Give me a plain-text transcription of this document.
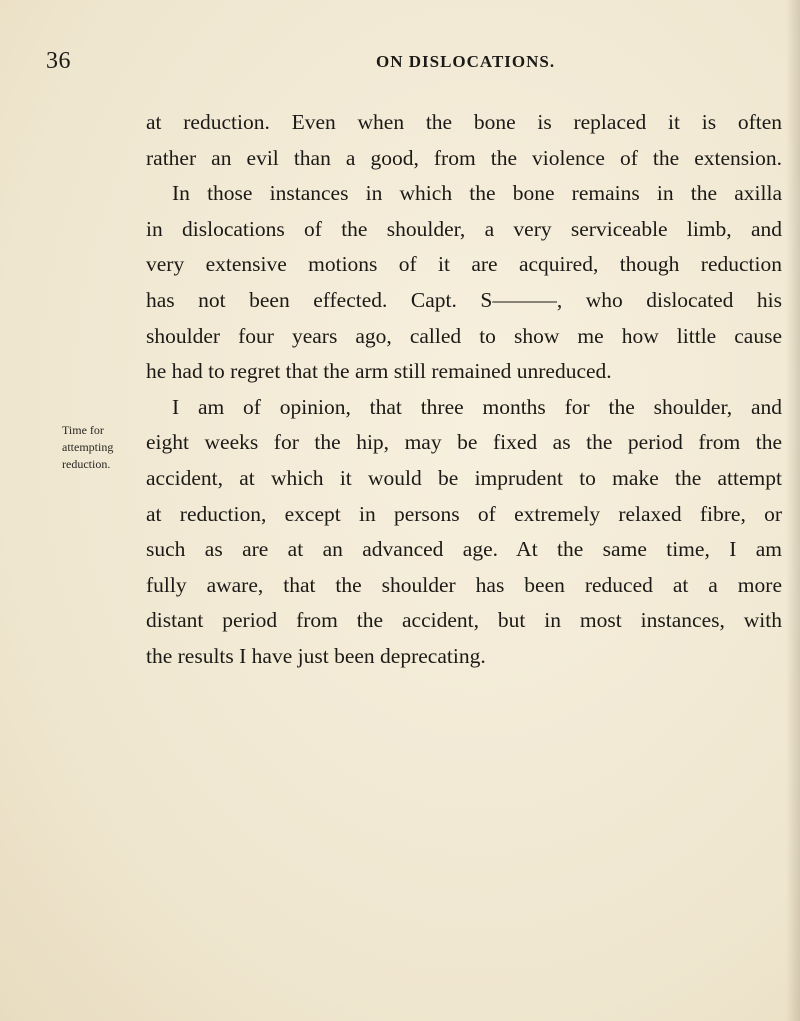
36	ON DISLOCATIONS.
Time for
attempting
reduction.
at reduction. Even when the bone is replaced it is often
rather an evil than a good, from the violence of the extension.
In those instances in which the bone remains in the axilla
in dislocations of the shoulder, a very serviceable limb, and
very extensive motions of it are acquired, though reduction
has not been effected. Capt. S———, who dislocated his
shoulder four years ago, called to show me how little cause
he had to regret that the arm still remained unreduced.
I am of opinion, that three months for the shoulder, and
eight weeks for the hip, may be fixed as the period from the
accident, at which it would be imprudent to make the attempt
at reduction, except in persons of extremely relaxed fibre, or
such as are at an advanced age. At the same time, I am
fully aware, that the shoulder has been reduced at a more
distant period from the accident, but in most instances, with
the results I have just been deprecating.
